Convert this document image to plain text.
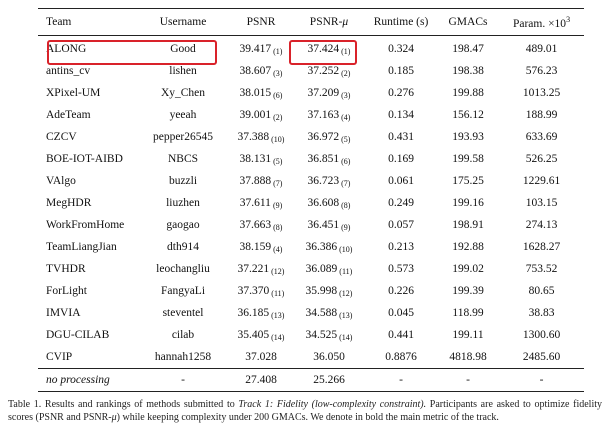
Team	Username	PSNR	PSNR-μ	Runtime (s)	GMACs	Param. $\times 10^3$
ALONG	Good	39.417 (1)	37.424 (1)	0.324	198.47	489.01
antins_cv	lishen	38.607 (3)	37.252 (2)	0.185	198.38	576.23
XPixel-UM	Xy_Chen	38.015 (6)	37.209 (3)	0.276	199.88	1013.25
AdeTeam	yeeah	39.001 (2)	37.163 (4)	0.134	156.12	188.99
CZCV	pepper26545	37.388 (10)	36.972 (5)	0.431	193.93	633.69
BOE-IOT-AIBD	NBCS	38.131 (5)	36.851 (6)	0.169	199.58	526.25
VAlgo	buzzli	37.888 (7)	36.723 (7)	0.061	175.25	1229.61
MegHDR	liuzhen	37.611 (9)	36.608 (8)	0.249	199.16	103.15
WorkFromHome	gaogao	37.663 (8)	36.451 (9)	0.057	198.91	274.13
TeamLiangJian	dth914	38.159 (4)	36.386 (10)	0.213	192.88	1628.27
TVHDR	leochangliu	37.221 (12)	36.089 (11)	0.573	199.02	753.52
ForLight	FangyaLi	37.370 (11)	35.998 (12)	0.226	199.39	80.65
IMVIA	steventel	36.185 (13)	34.588 (13)	0.045	118.99	38.83
DGU-CILAB	cilab	35.405 (14)	34.525 (14)	0.441	199.11	1300.60
CVIP	hannah1258	37.028	36.050	0.8876	4818.98	2485.60
no processing	-	27.408	25.266	-	-	-
Table 1. Results and rankings of methods submitted to Track 1: Fidelity (low-complexity constraint). Participants are asked to optimize fidelity scores (PSNR and PSNR-μ) while keeping complexity under 200 GMACs. We denote in bold the main metric of the track.
